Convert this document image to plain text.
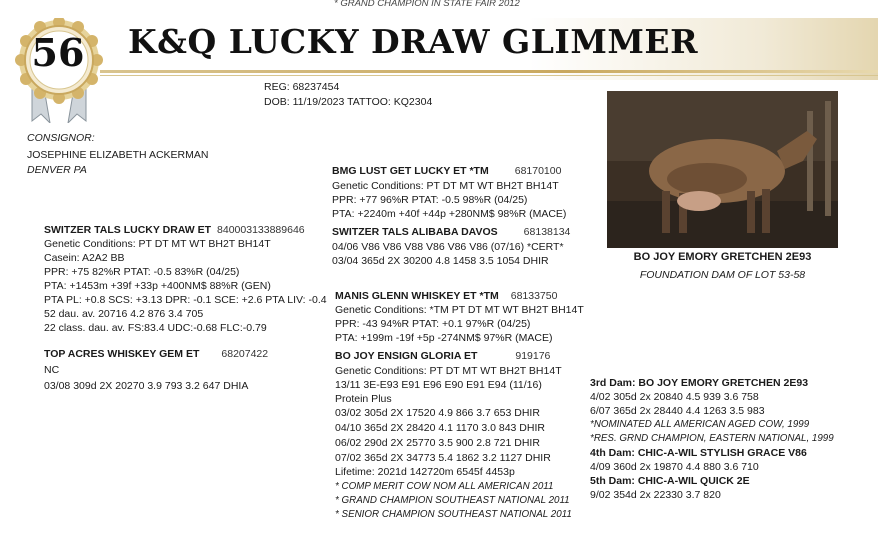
* GRAND CHAMPION IN STATE FAIR 2012
K&Q LUCKY DRAW GLIMMER
56
REG: 68237454
DOB: 11/19/2023 TATTOO: KQ2304
CONSIGNOR:
JOSEPHINE ELIZABETH ACKERMAN
DENVER PA
BO JOY EMORY GRETCHEN 2E93
FOUNDATION DAM OF LOT 53-58
SWITZER TALS LUCKY DRAW ET 840003133889646
Genetic Conditions: PT DT MT WT BH2T BH14T
Casein: A2A2 BB
PPR: +75 82%R PTAT: -0.5 83%R (04/25)
PTA: +1453m +39f +33p +400NM$ 88%R (GEN)
PTA PL: +0.8 SCS: +3.13 DPR: -0.1 SCE: +2.6 PTA LIV: -0.4
52 dau. av. 20716 4.2 876 3.4 705
22 class. dau. av. FS:83.4 UDC:-0.68 FLC:-0.79
TOP ACRES WHISKEY GEM ET 68207422
NC
03/08 309d 2X 20270 3.9 793 3.2 647 DHIA
BMG LUST GET LUCKY ET *TM 68170100
Genetic Conditions: PT DT MT WT BH2T BH14T
PPR: +77 96%R PTAT: -0.5 98%R (04/25)
PTA: +2240m +40f +44p +280NM$ 98%R (MACE)
SWITZER TALS ALIBABA DAVOS 68138134
04/06 V86 V86 V88 V86 V86 V86 (07/16) *CERT*
03/04 365d 2X 30200 4.8 1458 3.5 1054 DHIR
MANIS GLENN WHISKEY ET *TM 68133750
Genetic Conditions: *TM PT DT MT WT BH2T BH14T
PPR: -43 94%R PTAT: +0.1 97%R (04/25)
PTA: +199m -19f +5p -274NM$ 97%R (MACE)
BO JOY ENSIGN GLORIA ET	919176
Genetic Conditions: PT DT MT WT BH2T BH14T
13/11 3E-E93 E91 E96 E90 E91 E94 (11/16)
Protein Plus
03/02 305d 2X 17520 4.9 866 3.7 653 DHIR
04/10 365d 2X 28420 4.1 1170 3.0 843 DHIR
06/02 290d 2X 25770 3.5 900 2.8 721 DHIR
07/02 365d 2X 34773 5.4 1862 3.2 1127 DHIR
Lifetime: 2021d 142720m 6545f 4453p
* COMP MERIT COW NOM ALL AMERICAN 2011
* GRAND CHAMPION SOUTHEAST NATIONAL 2011
* SENIOR CHAMPION SOUTHEAST NATIONAL 2011
3rd Dam: BO JOY EMORY GRETCHEN 2E93
4/02 305d 2x 20840 4.5 939 3.6 758
6/07 365d 2x 28440 4.4 1263 3.5 983
*NOMINATED ALL AMERICAN AGED COW, 1999
*RES. GRND CHAMPION, EASTERN NATIONAL, 1999
4th Dam: CHIC-A-WIL STYLISH GRACE V86
4/09 360d 2x 19870 4.4 880 3.6 710
5th Dam: CHIC-A-WIL QUICK 2E
9/02 354d 2x 22330 3.7 820
